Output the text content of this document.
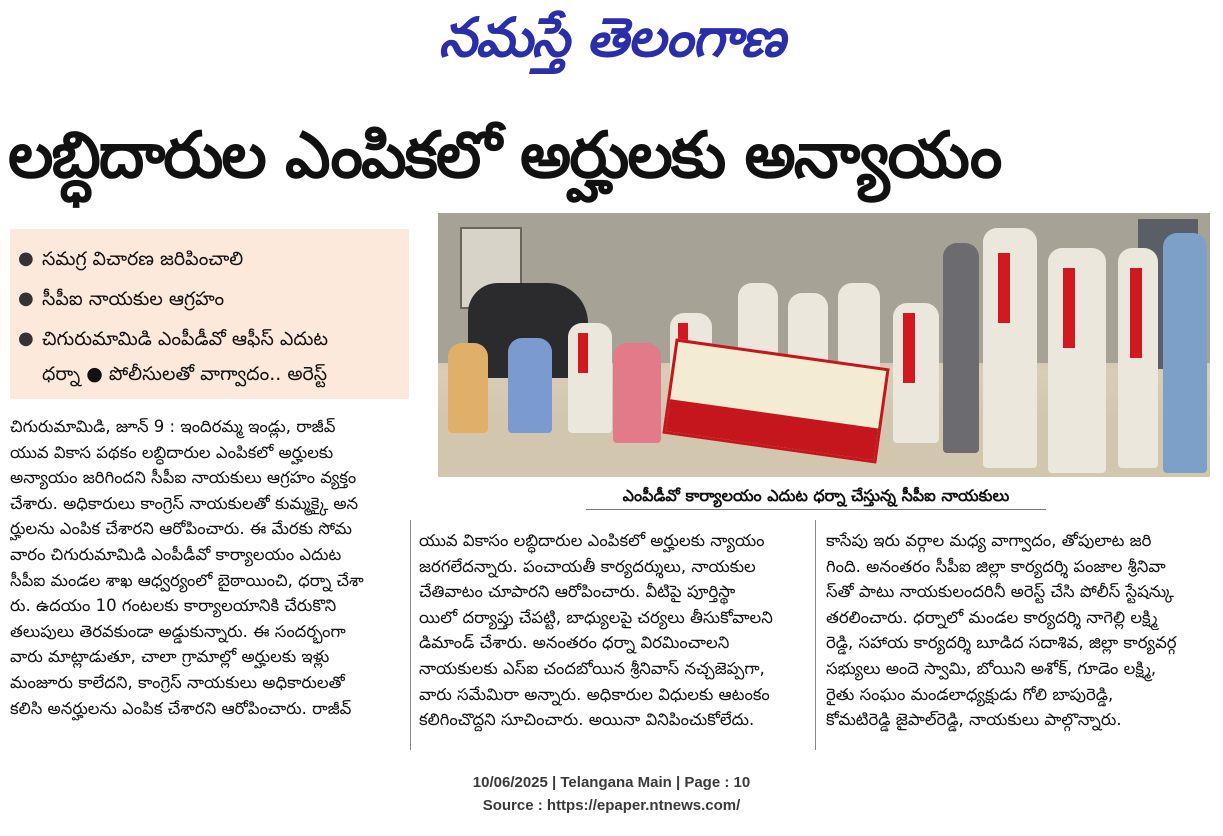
నమస్తే తెలంగాణ
లబ్ధిదారుల ఎంపికలో అర్హులకు అన్యాయం
● సమగ్ర విచారణ జరిపించాలి
● సీపీఐ నాయకుల ఆగ్రహం
● చిగురుమామిడి ఎంపీడీవో ఆఫీస్ ఎదుట
ధర్నా ● పోలీసులతో వాగ్వాదం.. అరెస్ట్
ఎంపీడీవో కార్యాలయం ఎదుట ధర్నా చేస్తున్న సీపీఐ నాయకులు
చిగురుమామిడి, జూన్ 9 : ఇందిరమ్మ ఇండ్లు, రాజీవ్
యువ వికాస పథకం లబ్ధిదారుల ఎంపికలో అర్హులకు
అన్యాయం జరిగిందని సీపీఐ నాయకులు ఆగ్రహం వ్యక్తం
చేశారు. అధికారులు కాంగ్రెస్ నాయకులతో కుమ్మక్కై అన
ర్హులను ఎంపిక చేశారని ఆరోపించారు. ఈ మేరకు సోమ
వారం చిగురుమామిడి ఎంపీడీవో కార్యాలయం ఎదుట
సీపీఐ మండల శాఖ ఆధ్వర్యంలో బైఠాయించి, ధర్నా చేశా
రు. ఉదయం 10 గంటలకు కార్యాలయానికి చేరుకొని
తలుపులు తెరవకుండా అడ్డుకున్నారు. ఈ సందర్భంగా
వారు మాట్లాడుతూ, చాలా గ్రామాల్లో అర్హులకు ఇళ్లు
మంజూరు కాలేదని, కాంగ్రెస్ నాయకులు అధికారులతో
కలిసి అనర్హులను ఎంపిక చేశారని ఆరోపించారు. రాజీవ్
యువ వికాసం లబ్ధిదారుల ఎంపికలో అర్హులకు న్యాయం
జరగలేదన్నారు. పంచాయతీ కార్యదర్శులు, నాయకుల
చేతివాటం చూపారని ఆరోపించారు. వీటిపై పూర్తిస్థా
యిలో దర్యాప్తు చేపట్టి, బాధ్యులపై చర్యలు తీసుకోవాలని
డిమాండ్ చేశారు. అనంతరం ధర్నా విరమించాలని
నాయకులకు ఎస్ఐ చందబోయిన శ్రీనివాస్ నచ్చజెప్పగా,
వారు సమేమిరా అన్నారు. అధికారుల విధులకు ఆటంకం
కలిగించొద్దని సూచించారు. అయినా వినిపించుకోలేదు.
కాసేపు ఇరు వర్గాల మధ్య వాగ్వాదం, తోపులాట జరి
గింది. అనంతరం సీపీఐ జిల్లా కార్యదర్శి పంజాల శ్రీనివా
స్‌తో పాటు నాయకులందరినీ అరెస్ట్ చేసి పోలీస్ స్టేషన్కు
తరలించారు. ధర్నాలో మండల కార్యదర్శి నాగెల్లి లక్ష్మి
రెడ్డి, సహాయ కార్యదర్శి బూడిద సదాశివ, జిల్లా కార్యవర్గ
సభ్యులు అందె స్వామి, బోయిని అశోక్, గూడెం లక్ష్మి,
రైతు సంఘం మండలాధ్యక్షుడు గోలి బాపురెడ్డి,
కోమటిరెడ్డి జైపాల్‌రెడ్డి, నాయకులు పాల్గొన్నారు.
10/06/2025 | Telangana Main | Page : 10
Source : https://epaper.ntnews.com/
